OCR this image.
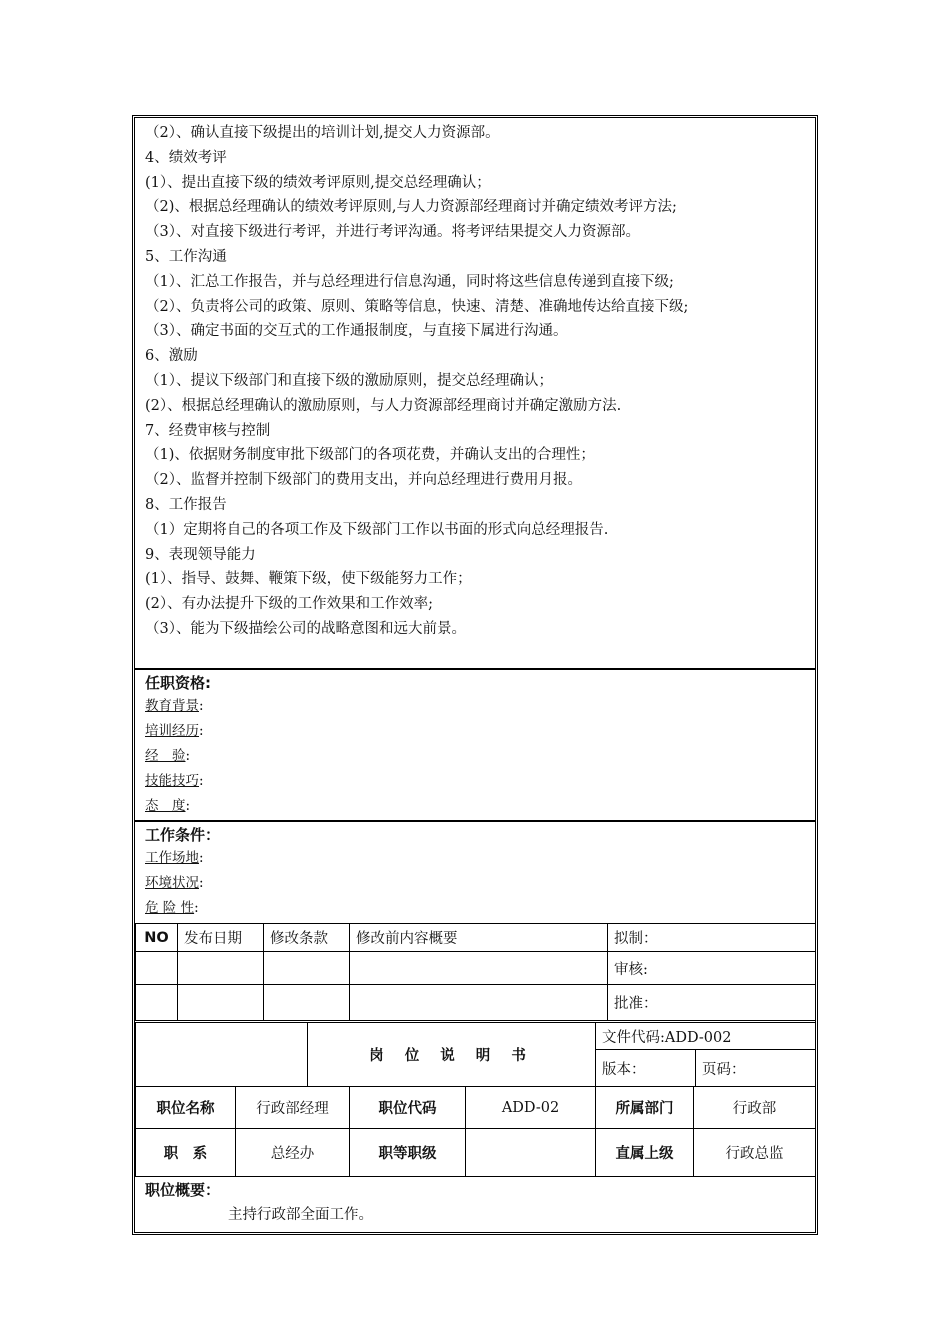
（2）、确认直接下级提出的培训计划,提交人力资源部。
4、绩效考评
(1）、提出直接下级的绩效考评原则,提交总经理确认；
（2)、根据总经理确认的绩效考评原则,与人力资源部经理商讨并确定绩效考评方法;
（3）、对直接下级进行考评，并进行考评沟通。将考评结果提交人力资源部。
5、工作沟通
（1）、汇总工作报告，并与总经理进行信息沟通，同时将这些信息传递到直接下级;
（2）、负责将公司的政策、原则、策略等信息，快速、清楚、准确地传达给直接下级;
（3）、确定书面的交互式的工作通报制度，与直接下属进行沟通。
6、激励
（1）、提议下级部门和直接下级的激励原则，提交总经理确认；
(2）、根据总经理确认的激励原则，与人力资源部经理商讨并确定激励方法.
7、经费审核与控制
（1)、依据财务制度审批下级部门的各项花费，并确认支出的合理性；
（2）、监督并控制下级部门的费用支出，并向总经理进行费用月报。
8、工作报告
（1）定期将自己的各项工作及下级部门工作以书面的形式向总经理报告.
9、表现领导能力
(1）、指导、鼓舞、鞭策下级，使下级能努力工作；
(2）、有办法提升下级的工作效果和工作效率;
（3）、能为下级描绘公司的战略意图和远大前景。
任职资格:
教育背景:
培训经历:
经　验:
技能技巧:
态　度:
工作条件：
工作场地:
环境状况:
危 险 性:
NO	发布日期	修改条款	修改前内容概要	拟制：
				审核:
				批准：
	岗 位 说 明 书	文件代码:ADD-002	
		版本：	页码：
职位名称	行政部经理	职位代码	ADD-02	所属部门	行政部
职　系	总经办	职等职级		直属上级	行政总监
职位概要：
主持行政部全面工作。
